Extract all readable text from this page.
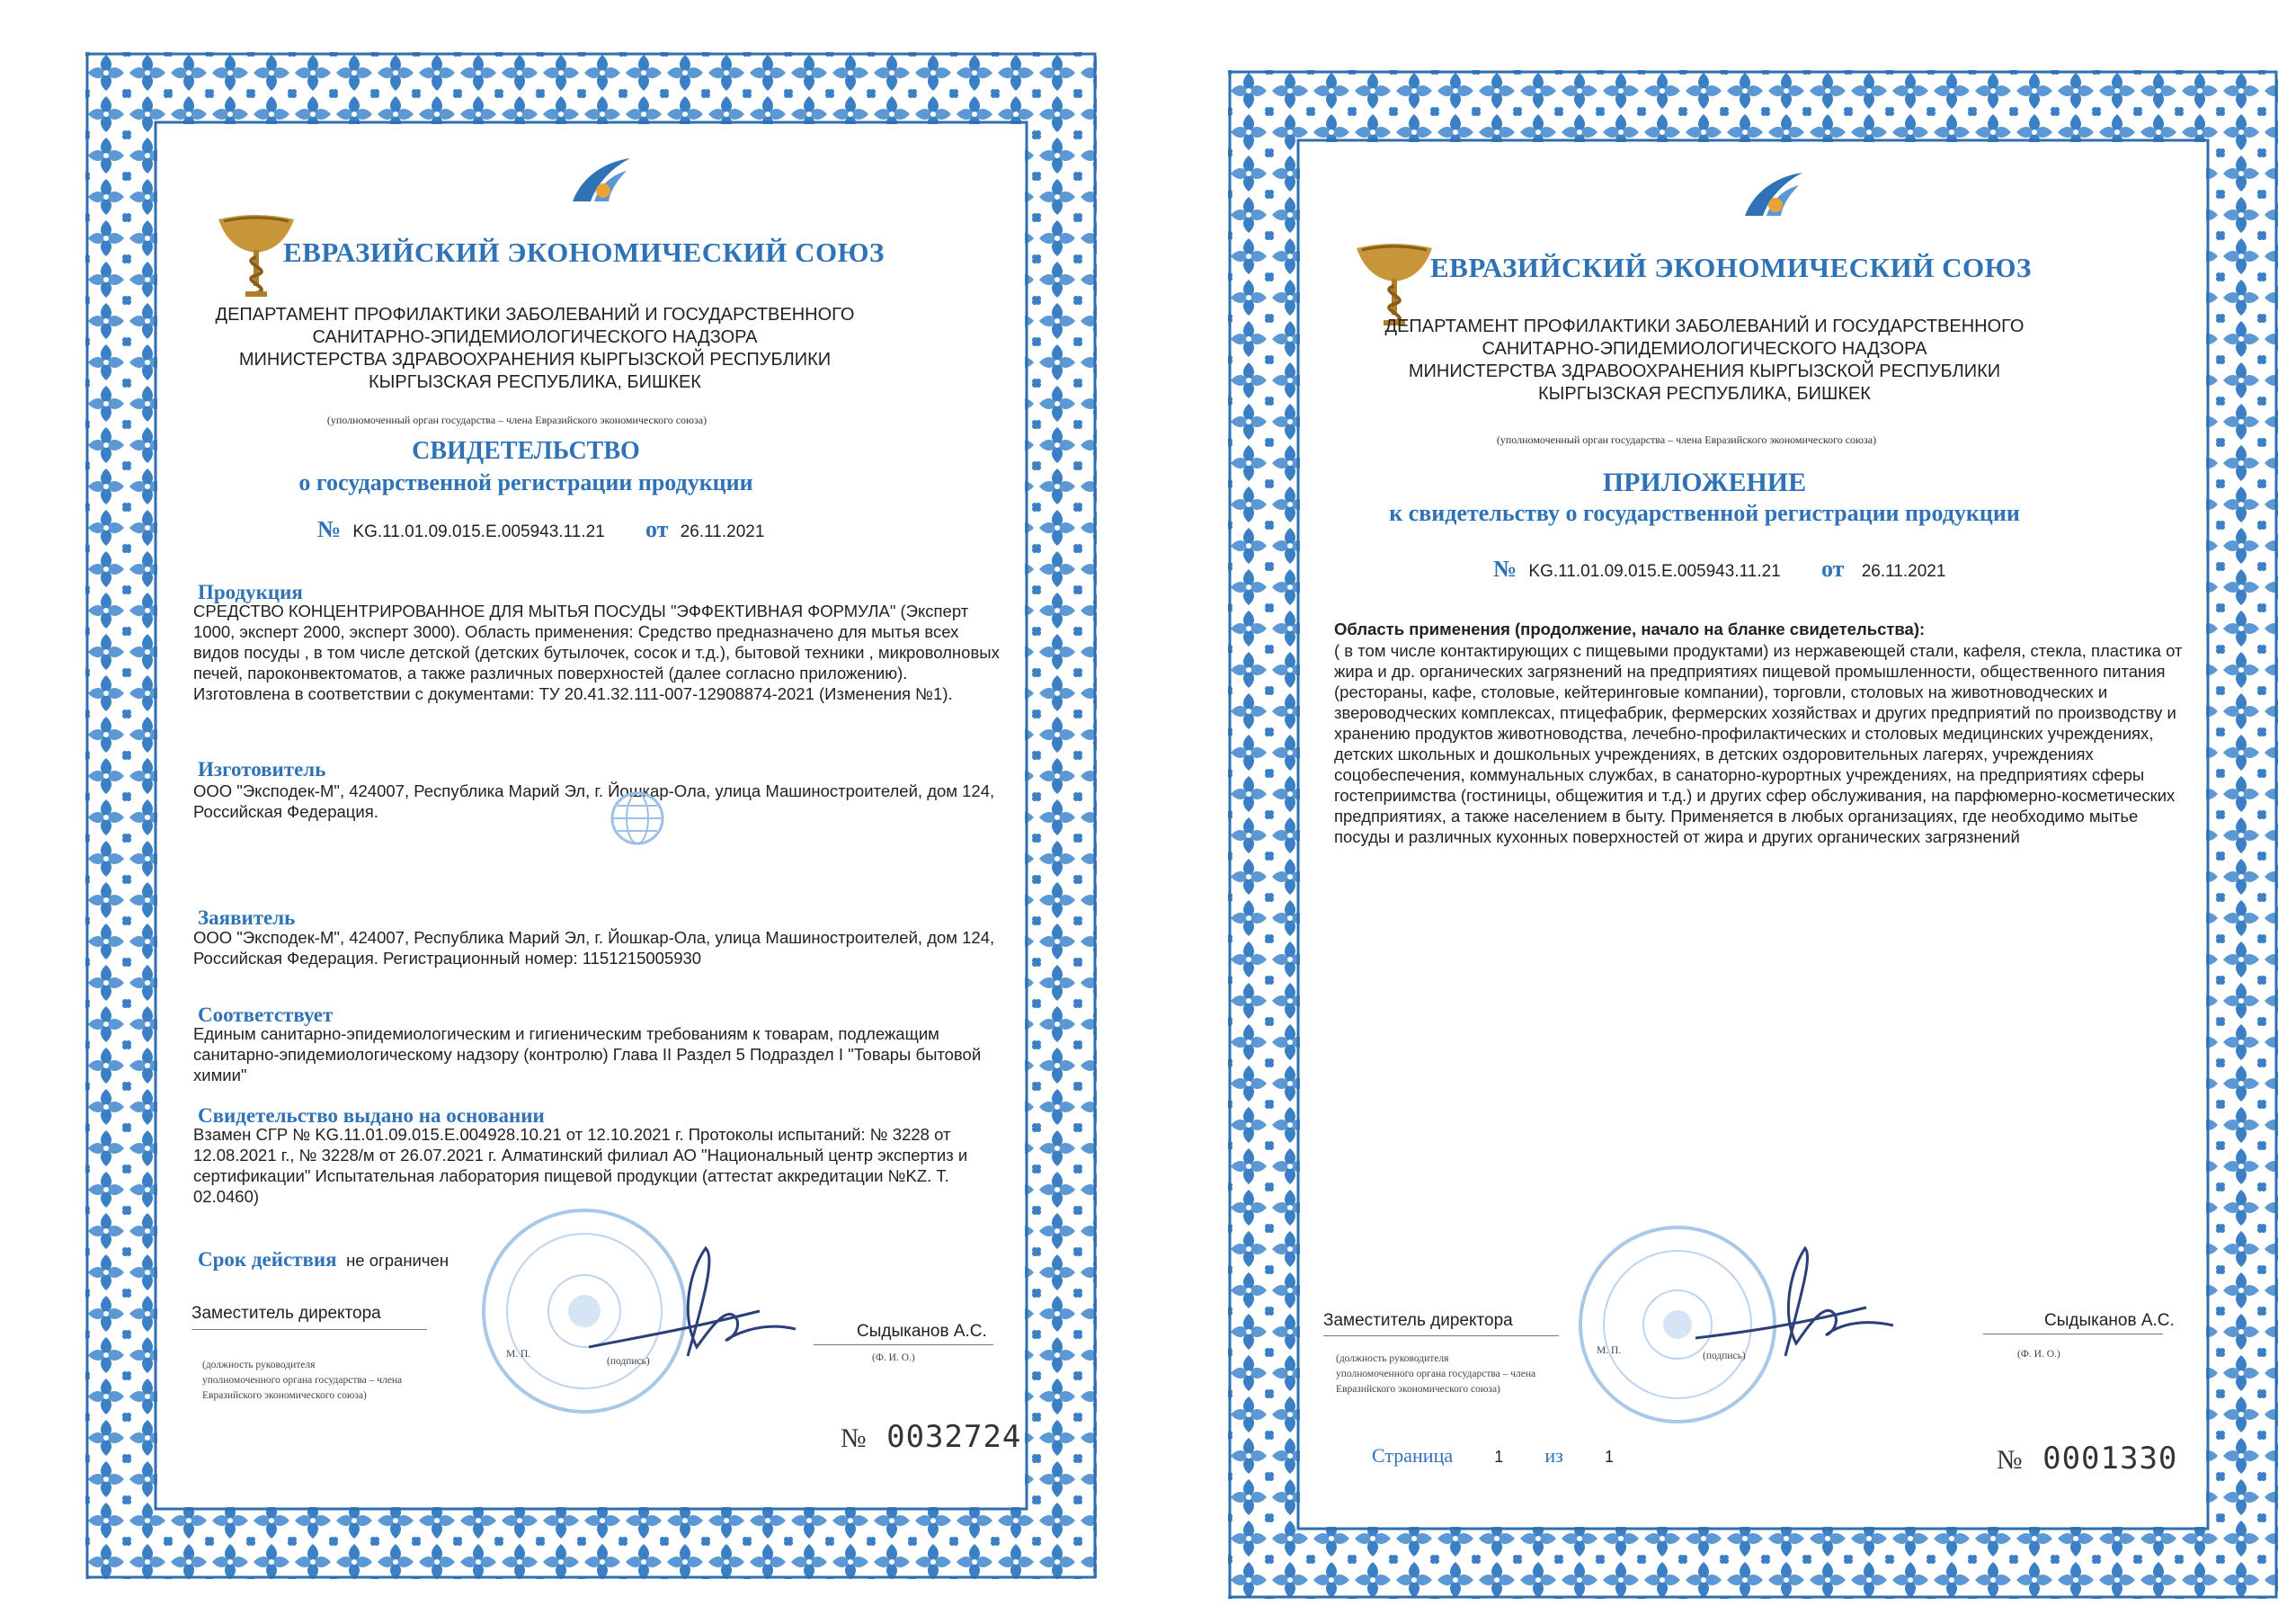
ЕВРАЗИЙСКИЙ ЭКОНОМИЧЕСКИЙ СОЮЗ
ДЕПАРТАМЕНТ ПРОФИЛАКТИКИ ЗАБОЛЕВАНИЙ И ГОСУДАРСТВЕННОГО
САНИТАРНО-ЭПИДЕМИОЛОГИЧЕСКОГО НАДЗОРА
МИНИСТЕРСТВА ЗДРАВООХРАНЕНИЯ КЫРГЫЗСКОЙ РЕСПУБЛИКИ
КЫРГЫЗСКАЯ РЕСПУБЛИКА, БИШКЕК
(уполномоченный орган государства – члена Евразийского экономического союза)
СВИДЕТЕЛЬСТВО
о государственной регистрации продукции
№ KG.11.01.09.015.E.005943.11.21 от 26.11.2021
Продукция
СРЕДСТВО КОНЦЕНТРИРОВАННОЕ ДЛЯ МЫТЬЯ ПОСУДЫ "ЭФФЕКТИВНАЯ ФОРМУЛА" (Эксперт 1000, эксперт 2000, эксперт 3000). Область применения: Средство предназначено для мытья всех видов посуды , в том числе детской (детских бутылочек, сосок и т.д.), бытовой техники , микроволновых печей, пароконвектоматов, а также различных поверхностей (далее согласно приложению). Изготовлена в соответствии с документами: ТУ 20.41.32.111-007-12908874-2021 (Изменения №1).
Изготовитель
ООО "Эксподек-М", 424007, Республика Марий Эл, г. Йошкар-Ола, улица Машиностроителей, дом 124, Российская Федерация.
Заявитель
ООО "Эксподек-М", 424007, Республика Марий Эл, г. Йошкар-Ола, улица Машиностроителей, дом 124, Российская Федерация. Регистрационный номер: 1151215005930
Соответствует
Единым санитарно-эпидемиологическим и гигиеническим требованиям к товарам, подлежащим санитарно-эпидемиологическому надзору (контролю) Глава II Раздел 5 Подраздел I "Товары бытовой химии"
Свидетельство выдано на основании
Взамен СГР № KG.11.01.09.015.E.004928.10.21 от 12.10.2021 г. Протоколы испытаний: № 3228 от 12.08.2021 г., № 3228/м от 26.07.2021 г. Алматинский филиал АО "Национальный центр экспертиз и сертификации" Испытательная лаборатория пищевой продукции (аттестат аккредитации №KZ. Т. 02.0460)
Срок действия не ограничен
Заместитель директора
Сыдыканов А.С.
(должность руководителя
уполномоченного органа государства – члена
Евразийского экономического союза)
М. П.
(подпись)	(Ф. И. О.)
№ 0032724
ЕВРАЗИЙСКИЙ ЭКОНОМИЧЕСКИЙ СОЮЗ
ДЕПАРТАМЕНТ ПРОФИЛАКТИКИ ЗАБОЛЕВАНИЙ И ГОСУДАРСТВЕННОГО
САНИТАРНО-ЭПИДЕМИОЛОГИЧЕСКОГО НАДЗОРА
МИНИСТЕРСТВА ЗДРАВООХРАНЕНИЯ КЫРГЫЗСКОЙ РЕСПУБЛИКИ
КЫРГЫЗСКАЯ РЕСПУБЛИКА, БИШКЕК
(уполномоченный орган государства – члена Евразийского экономического союза)
ПРИЛОЖЕНИЕ
к свидетельству о государственной регистрации продукции
№ KG.11.01.09.015.E.005943.11.21 от 26.11.2021
Область применения (продолжение, начало на бланке свидетельства):
( в том числе контактирующих с пищевыми продуктами) из нержавеющей стали, кафеля, стекла, пластика от жира и др. органических загрязнений на предприятиях пищевой промышленности, общественного питания (рестораны, кафе, столовые, кейтеринговые компании), торговли, столовых на животноводческих и звероводческих комплексах, птицефабрик, фермерских хозяйствах и других предприятий по производству и хранению продуктов животноводства, лечебно-профилактических и столовых медицинских учреждениях, детских школьных и дошкольных учреждениях, в детских оздоровительных лагерях, учреждениях соцобеспечения, коммунальных службах, в санаторно-курортных учреждениях, на предприятиях сферы гостеприимства (гостиницы, общежития и т.д.) и других сфер обслуживания, на парфюмерно-косметических предприятиях, а также населением в быту. Применяется в любых организациях, где необходимо мытье посуды и различных кухонных поверхностей от жира и других органических загрязнений
Заместитель директора	Сыдыканов А.С.
(должность руководителя
уполномоченного органа государства – члена
Евразийского экономического союза)
М. П.	(подпись)	(Ф. И. О.)
Страница	1 из	1	№ 0001330
